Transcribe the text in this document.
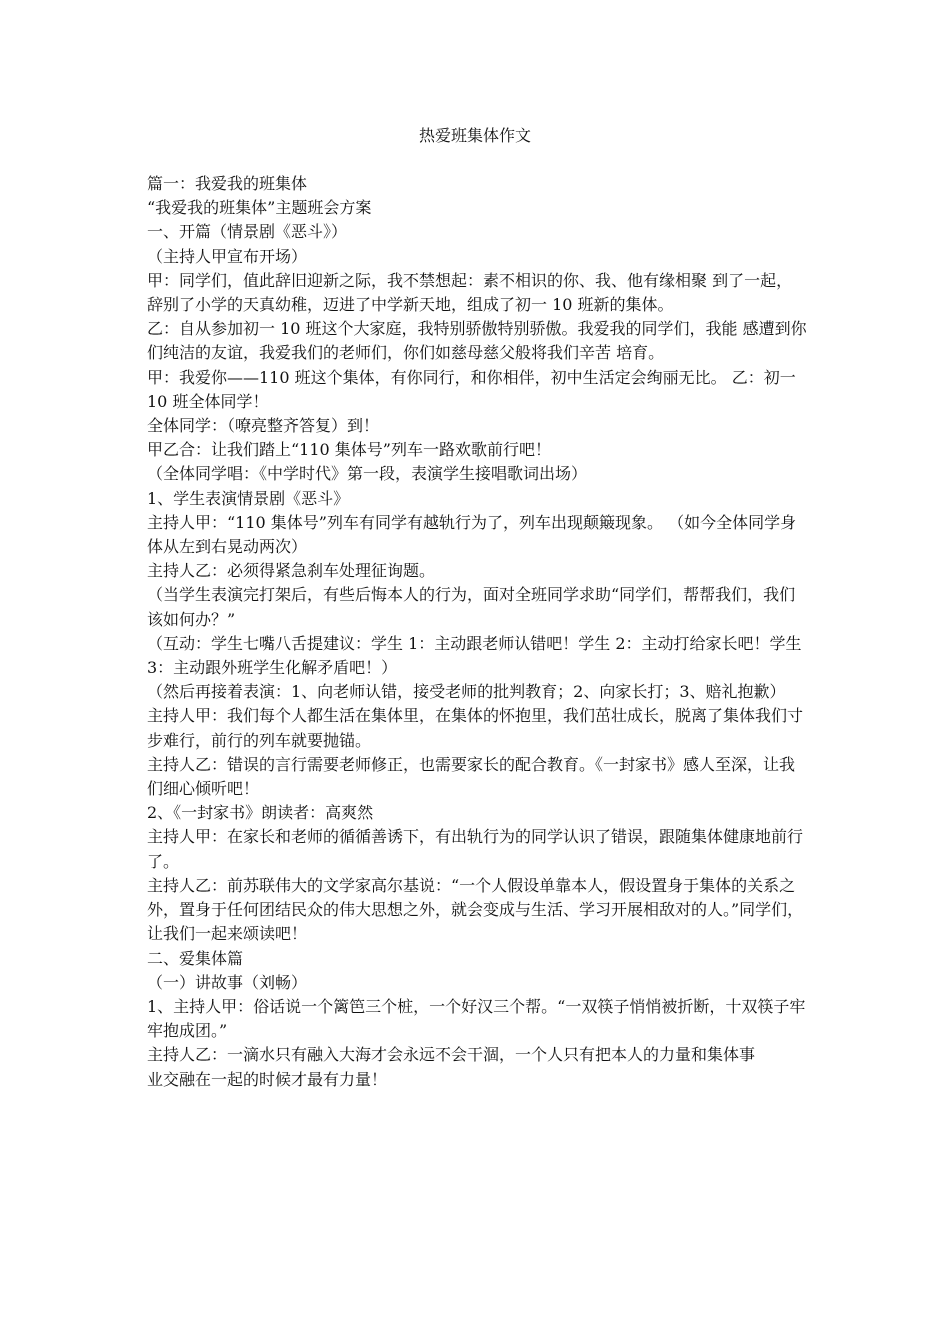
热爱班集体作文

篇一：我爱我的班集体

“我爱我的班集体”主题班会方案

一、开篇（情景剧《恶斗》）

（主持人甲宣布开场）

甲：同学们，值此辞旧迎新之际，我不禁想起：素不相识的你、我、他有缘相聚 到了一起，辞别了小学的天真幼稚，迈进了中学新天地，组成了初一 10 班新的集体。

乙：自从参加初一 10 班这个大家庭，我特别骄傲特别骄傲。我爱我的同学们，我能 感遭到你们纯洁的友谊，我爱我们的老师们，你们如慈母慈父般将我们辛苦 培育。

甲：我爱你——110 班这个集体，有你同行，和你相伴，初中生活定会绚丽无比。 乙：初一 10 班全体同学！

全体同学：（嘹亮整齐答复）到！

甲乙合：让我们踏上“110 集体号”列车一路欢歌前行吧！

（全体同学唱：《中学时代》第一段，表演学生接唱歌词出场）

1、学生表演情景剧《恶斗》

主持人甲：“110 集体号”列车有同学有越轨行为了，列车出现颠簸现象。 （如今全体同学身体从左到右晃动两次）

主持人乙：必须得紧急刹车处理征询题。

（当学生表演完打架后，有些后悔本人的行为，面对全班同学求助“同学们，帮帮我们，我们该如何办？”

（互动：学生七嘴八舌提建议：学生 1：主动跟老师认错吧！学生 2：主动打给家长吧！学生 3：主动跟外班学生化解矛盾吧！）

（然后再接着表演：1、向老师认错，接受老师的批判教育；2、向家长打；3、赔礼抱歉）

主持人甲：我们每个人都生活在集体里，在集体的怀抱里，我们茁壮成长，脱离了集体我们寸步难行，前行的列车就要抛锚。

主持人乙：错误的言行需要老师修正，也需要家长的配合教育。《一封家书》感人至深，让我们细心倾听吧！

2、《一封家书》朗读者：高爽然

主持人甲：在家长和老师的循循善诱下，有出轨行为的同学认识了错误，跟随集体健康地前行了。

主持人乙：前苏联伟大的文学家高尔基说：“一个人假设单靠本人，假设置身于集体的关系之外，置身于任何团结民众的伟大思想之外，就会变成与生活、学习开展相敌对的人。”同学们，让我们一起来颂读吧！

二、爱集体篇

（一）讲故事（刘畅）

1、主持人甲：俗话说一个篱笆三个桩，一个好汉三个帮。“一双筷子悄悄被折断，十双筷子牢牢抱成团。”

主持人乙：一滴水只有融入大海才会永远不会干涸，一个人只有把本人的力量和集体事

业交融在一起的时候才最有力量！
